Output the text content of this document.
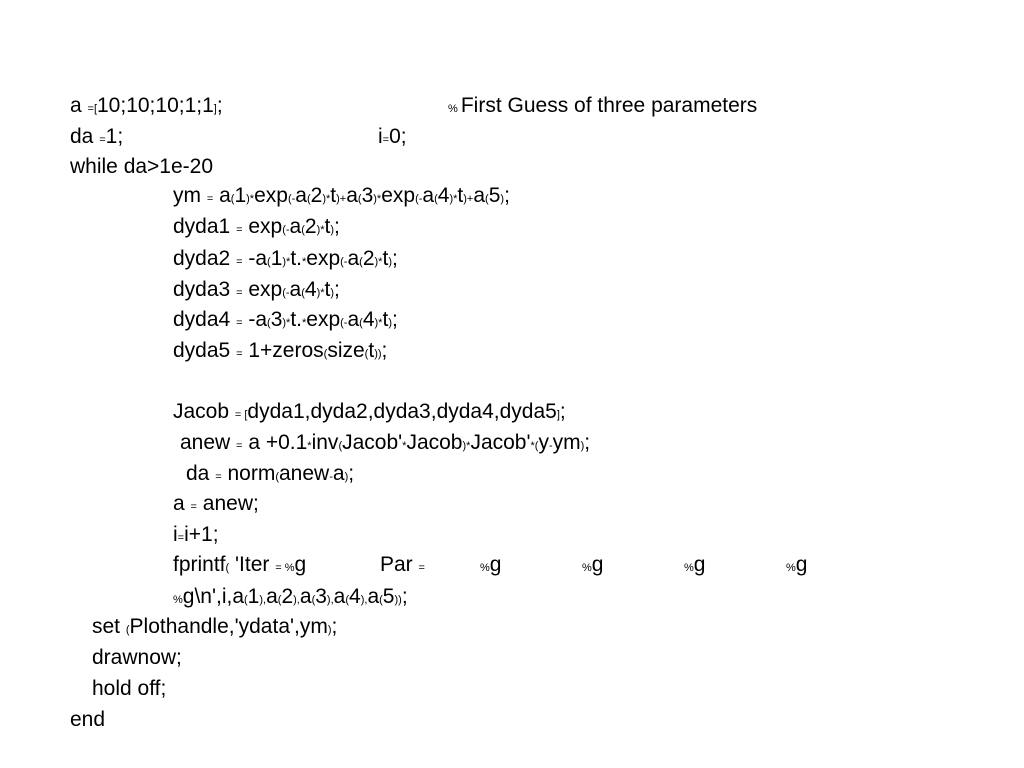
a =[10;10;10;1;1];	% First Guess of three parameters
da =1;	i=0;
while da>1e-20
ym = a(1)*exp(-a(2)*t)+a(3)*exp(-a(4)*t)+a(5);
dyda1 = exp(-a(2)*t);
dyda2 = -a(1)*t.*exp(-a(2)*t);
dyda3 = exp(-a(4)*t);
dyda4 = -a(3)*t.*exp(-a(4)*t);
dyda5 = 1+zeros(size(t));
Jacob = [dyda1,dyda2,dyda3,dyda4,dyda5];
anew = a +0.1*inv(Jacob'*Jacob)*Jacob'*(y-ym);
da = norm(anew-a);
a = anew;
i=i+1;
fprintf( 'Iter = %g	Par =	%g	%g	%g	%g
%g\n',i,a(1),a(2),a(3),a(4),a(5));
set (Plothandle,'ydata',ym);
drawnow;
hold off;
end
